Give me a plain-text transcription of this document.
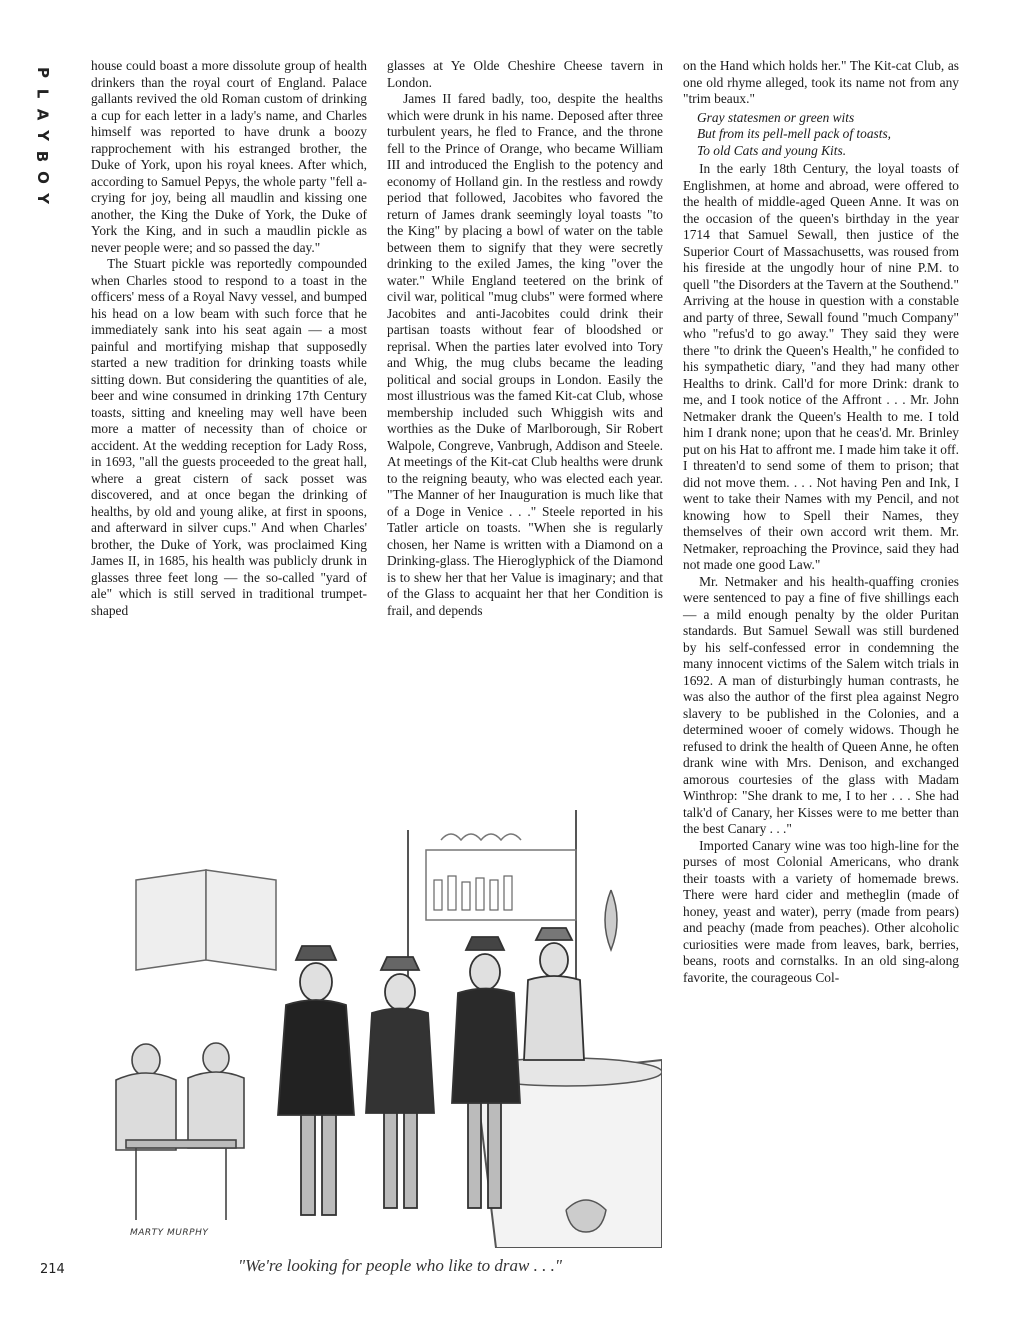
P
L
A
Y
B
O
Y

house could boast a more dissolute group of health drinkers than the royal court of England. Palace gallants revived the old Roman custom of drinking a cup for each letter in a lady's name, and Charles himself was reported to have drunk a boozy rapprochement with his estranged brother, the Duke of York, upon his royal knees. After which, according to Samuel Pepys, the whole party "fell a-crying for joy, being all maudlin and kissing one another, the King the Duke of York, the Duke of York the King, and in such a maudlin pickle as never people were; and so passed the day."

The Stuart pickle was reportedly compounded when Charles stood to respond to a toast in the officers' mess of a Royal Navy vessel, and bumped his head on a low beam with such force that he immediately sank into his seat again — a most painful and mortifying mishap that supposedly started a new tradition for drinking toasts while sitting down. But considering the quantities of ale, beer and wine consumed in drinking 17th Century toasts, sitting and kneeling may well have been more a matter of necessity than of choice or accident. At the wedding reception for Lady Ross, in 1693, "all the guests proceeded to the great hall, where a great cistern of sack posset was discovered, and at once began the drinking of healths, by old and young alike, at first in spoons, and afterward in silver cups." And when Charles' brother, the Duke of York, was proclaimed King James II, in 1685, his health was publicly drunk in glasses three feet long — the so-called "yard of ale" which is still served in traditional trumpet-shaped

glasses at Ye Olde Cheshire Cheese tavern in London.

James II fared badly, too, despite the healths which were drunk in his name. Deposed after three turbulent years, he fled to France, and the throne fell to the Prince of Orange, who became William III and introduced the English to the potency and economy of Holland gin. In the restless and rowdy period that followed, Jacobites who favored the return of James drank seemingly loyal toasts "to the King" by placing a bowl of water on the table between them to signify that they were secretly drinking to the exiled James, the king "over the water." While England teetered on the brink of civil war, political "mug clubs" were formed where Jacobites and anti-Jacobites could drink their partisan toasts without fear of bloodshed or reprisal. When the parties later evolved into Tory and Whig, the mug clubs became the leading political and social groups in London. Easily the most illustrious was the famed Kit-cat Club, whose membership included such Whiggish wits and worthies as the Duke of Marlborough, Sir Robert Walpole, Congreve, Vanbrugh, Addison and Steele. At meetings of the Kit-cat Club healths were drunk to the reigning beauty, who was elected each year. "The Manner of her Inauguration is much like that of a Doge in Venice . . ." Steele reported in his Tatler article on toasts. "When she is regularly chosen, her Name is written with a Diamond on a Drinking-glass. The Hieroglyphick of the Diamond is to shew her that her Value is imaginary; and that of the Glass to acquaint her that her Condition is frail, and depends

on the Hand which holds her." The Kit-cat Club, as one old rhyme alleged, took its name not from any "trim beaux."

Gray statesmen or green wits
But from its pell-mell pack of toasts,
To old Cats and young Kits.

In the early 18th Century, the loyal toasts of Englishmen, at home and abroad, were offered to the health of middle-aged Queen Anne. It was on the occasion of the queen's birthday in the year 1714 that Samuel Sewall, then justice of the Superior Court of Massachusetts, was roused from his fireside at the ungodly hour of nine P.M. to quell "the Disorders at the Tavern at the Southend." Arriving at the house in question with a constable and party of three, Sewall found "much Company" who "refus'd to go away." They said they were there "to drink the Queen's Health," he confided to his sympathetic diary, "and they had many other Healths to drink. Call'd for more Drink: drank to me, and I took notice of the Affront . . . Mr. John Netmaker drank the Queen's Health to me. I told him I drank none; upon that he ceas'd. Mr. Brinley put on his Hat to affront me. I made him take it off. I threaten'd to send some of them to prison; that did not move them. . . . Not having Pen and Ink, I went to take their Names with my Pencil, and not knowing how to Spell their Names, they themselves of their own accord writ them. Mr. Netmaker, reproaching the Province, said they had not made one good Law."

Mr. Netmaker and his health-quaffing cronies were sentenced to pay a fine of five shillings each — a mild enough penalty by the older Puritan standards. But Samuel Sewall was still burdened by his self-confessed error in condemning the many innocent victims of the Salem witch trials in 1692. A man of disturbingly human contrasts, he was also the author of the first plea against Negro slavery to be published in the Colonies, and a determined wooer of comely widows. Though he refused to drink the health of Queen Anne, he often drank wine with Mrs. Denison, and exchanged amorous courtesies of the glass with Madam Winthrop: "She drank to me, I to her . . . She had talk'd of Canary, her Kisses were to me better than the best Canary . . ."

Imported Canary wine was too high-line for the purses of most Colonial Americans, who drank their toasts with a variety of homemade brews. There were hard cider and metheglin (made of honey, yeast and water), perry (made from pears) and peachy (made from peaches). Other alcoholic curiosities were made from leaves, bark, berries, beans, roots and cornstalks. In an old sing-along favorite, the courageous Col-

MARTY MURPHY
"We're looking for people who like to draw . . ."
214
